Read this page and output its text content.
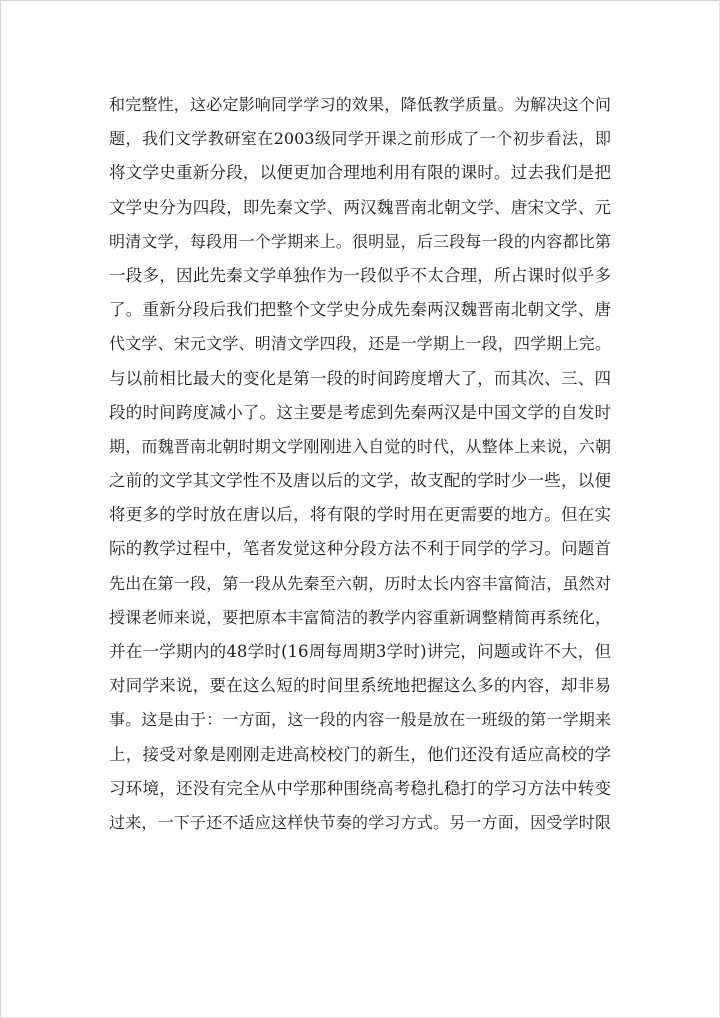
和完整性，这必定影响同学学习的效果，降低教学质量。为解决这个问
题，我们文学教研室在2003级同学开课之前形成了一个初步看法，即
将文学史重新分段，以便更加合理地利用有限的课时。过去我们是把
文学史分为四段，即先秦文学、两汉魏晋南北朝文学、唐宋文学、元
明清文学，每段用一个学期来上。很明显，后三段每一段的内容都比第
一段多，因此先秦文学单独作为一段似乎不太合理，所占课时似乎多
了。重新分段后我们把整个文学史分成先秦两汉魏晋南北朝文学、唐
代文学、宋元文学、明清文学四段，还是一学期上一段，四学期上完。
与以前相比最大的变化是第一段的时间跨度增大了，而其次、三、四
段的时间跨度减小了。这主要是考虑到先秦两汉是中国文学的自发时
期，而魏晋南北朝时期文学刚刚进入自觉的时代，从整体上来说，六朝
之前的文学其文学性不及唐以后的文学，故支配的学时少一些，以便
将更多的学时放在唐以后，将有限的学时用在更需要的地方。但在实
际的教学过程中，笔者发觉这种分段方法不利于同学的学习。问题首
先出在第一段，第一段从先秦至六朝，历时太长内容丰富简洁，虽然对
授课老师来说，要把原本丰富简洁的教学内容重新调整精简再系统化，
并在一学期内的48学时(16周每周期3学时)讲完，问题或许不大，但
对同学来说，要在这么短的时间里系统地把握这么多的内容，却非易
事。这是由于：一方面，这一段的内容一般是放在一班级的第一学期来
上，接受对象是刚刚走进高校校门的新生，他们还没有适应高校的学
习环境，还没有完全从中学那种围绕高考稳扎稳打的学习方法中转变
过来，一下子还不适应这样快节奏的学习方式。另一方面，因受学时限
